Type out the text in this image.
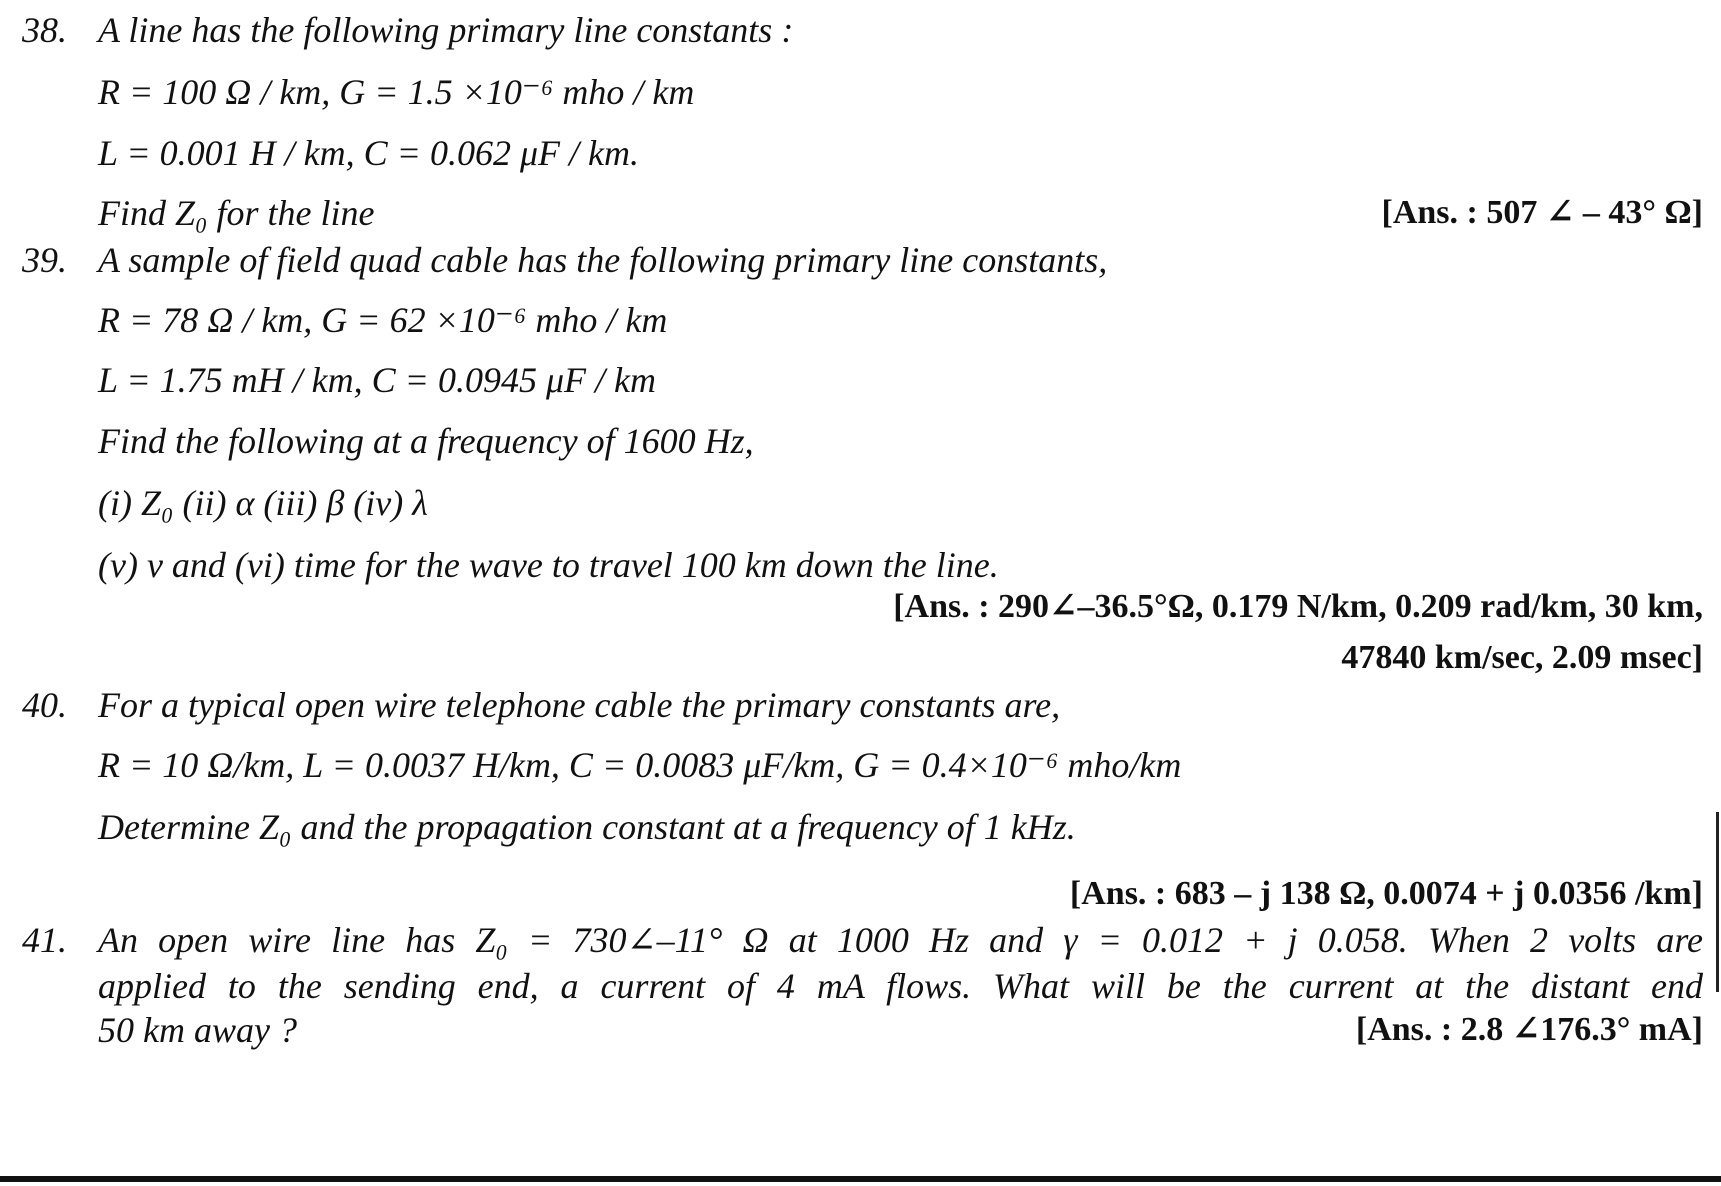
38. A line has the following primary line constants :
R = 100 Ω / km, G = 1.5 ×10⁻⁶ mho / km
L = 0.001 H / km, C = 0.062 μF / km.
Find Z₀ for the line	[Ans. : 507 ∠ – 43° Ω]
39. A sample of field quad cable has the following primary line constants,
R = 78 Ω / km, G = 62 ×10⁻⁶ mho / km
L = 1.75 mH / km, C = 0.0945 μF / km
Find the following at a frequency of 1600 Hz,
(i) Z₀ (ii) α (iii) β (iv) λ
(v) v and (vi) time for the wave to travel 100 km down the line.
[Ans. : 290∠–36.5°Ω, 0.179 N/km, 0.209 rad/km, 30 km,
47840 km/sec, 2.09 msec]
40. For a typical open wire telephone cable the primary constants are,
R = 10 Ω/km, L = 0.0037 H/km, C = 0.0083 μF/km, G = 0.4×10⁻⁶ mho/km
Determine Z₀ and the propagation constant at a frequency of 1 kHz.
[Ans. : 683 – j 138 Ω, 0.0074 + j 0.0356 /km]
41. An open wire line has Z₀ = 730∠–11° Ω at 1000 Hz and γ = 0.012 + j 0.058. When 2 volts are
applied to the sending end, a current of 4 mA flows. What will be the current at the distant end
50 km away ?	[Ans. : 2.8 ∠176.3° mA]
